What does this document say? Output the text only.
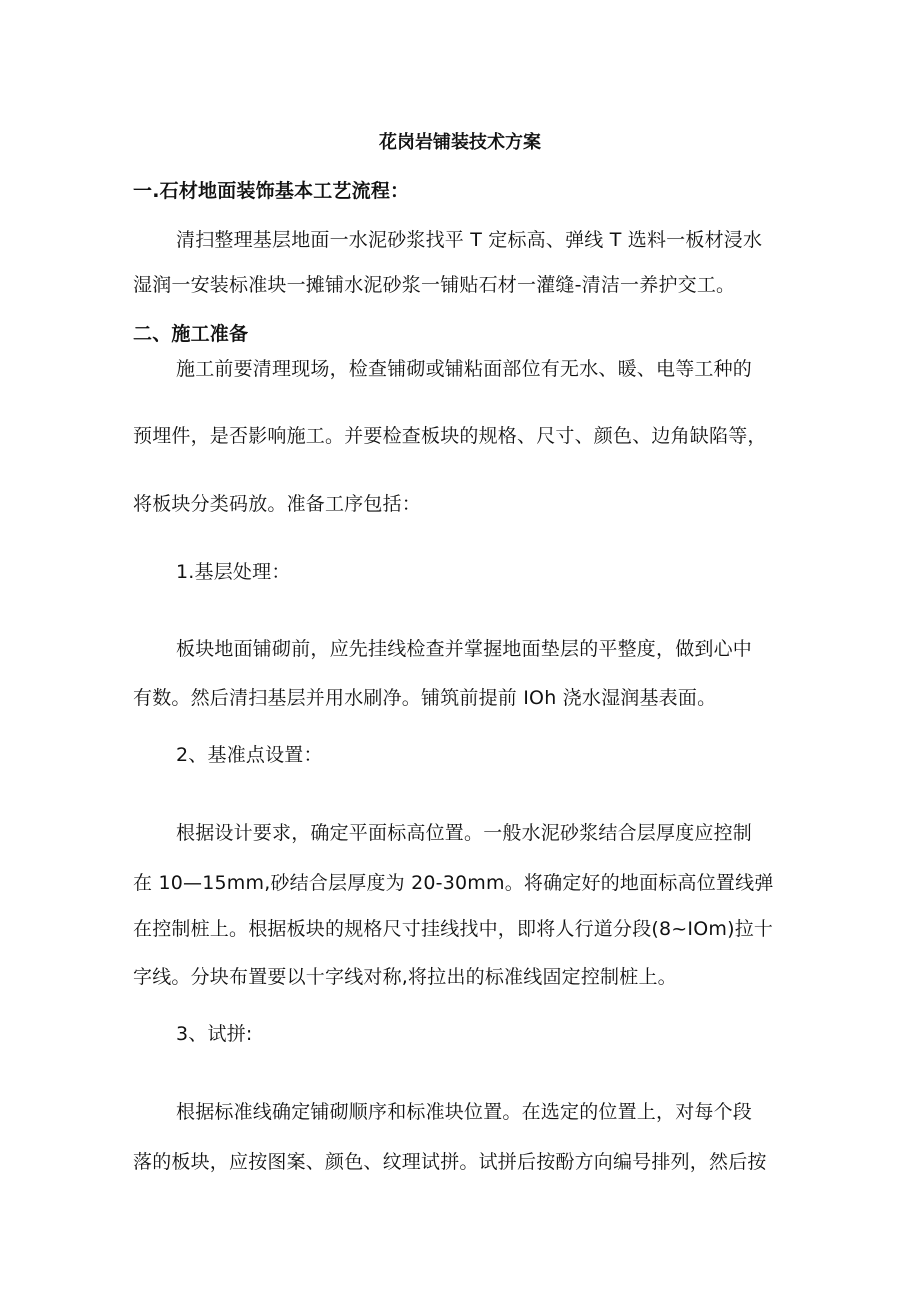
花岗岩铺装技术方案
一.石材地面装饰基本工艺流程：
清扫整理基层地面一水泥砂浆找平 T 定标高、弹线 T 选料一板材浸水
湿润一安装标准块一摊铺水泥砂浆一铺贴石材一灌缝-清洁一养护交工。
二、施工准备
施工前要清理现场，检查铺砌或铺粘面部位有无水、暖、电等工种的
预埋件，是否影响施工。并要检查板块的规格、尺寸、颜色、边角缺陷等，
将板块分类码放。准备工序包括：
1.基层处理：
板块地面铺砌前，应先挂线检查并掌握地面垫层的平整度，做到心中
有数。然后清扫基层并用水刷净。铺筑前提前 IOh 浇水湿润基表面。
2、基准点设置：
根据设计要求，确定平面标高位置。一般水泥砂浆结合层厚度应控制
在 10—15mm,砂结合层厚度为 20-30mm。将确定好的地面标高位置线弹
在控制桩上。根据板块的规格尺寸挂线找中，即将人行道分段(8~IOm)拉十
字线。分块布置要以十字线对称,将拉出的标准线固定控制桩上。
3、试拼:
根据标准线确定铺砌顺序和标准块位置。在选定的位置上，对每个段
落的板块，应按图案、颜色、纹理试拼。试拼后按酚方向编号排列，然后按
